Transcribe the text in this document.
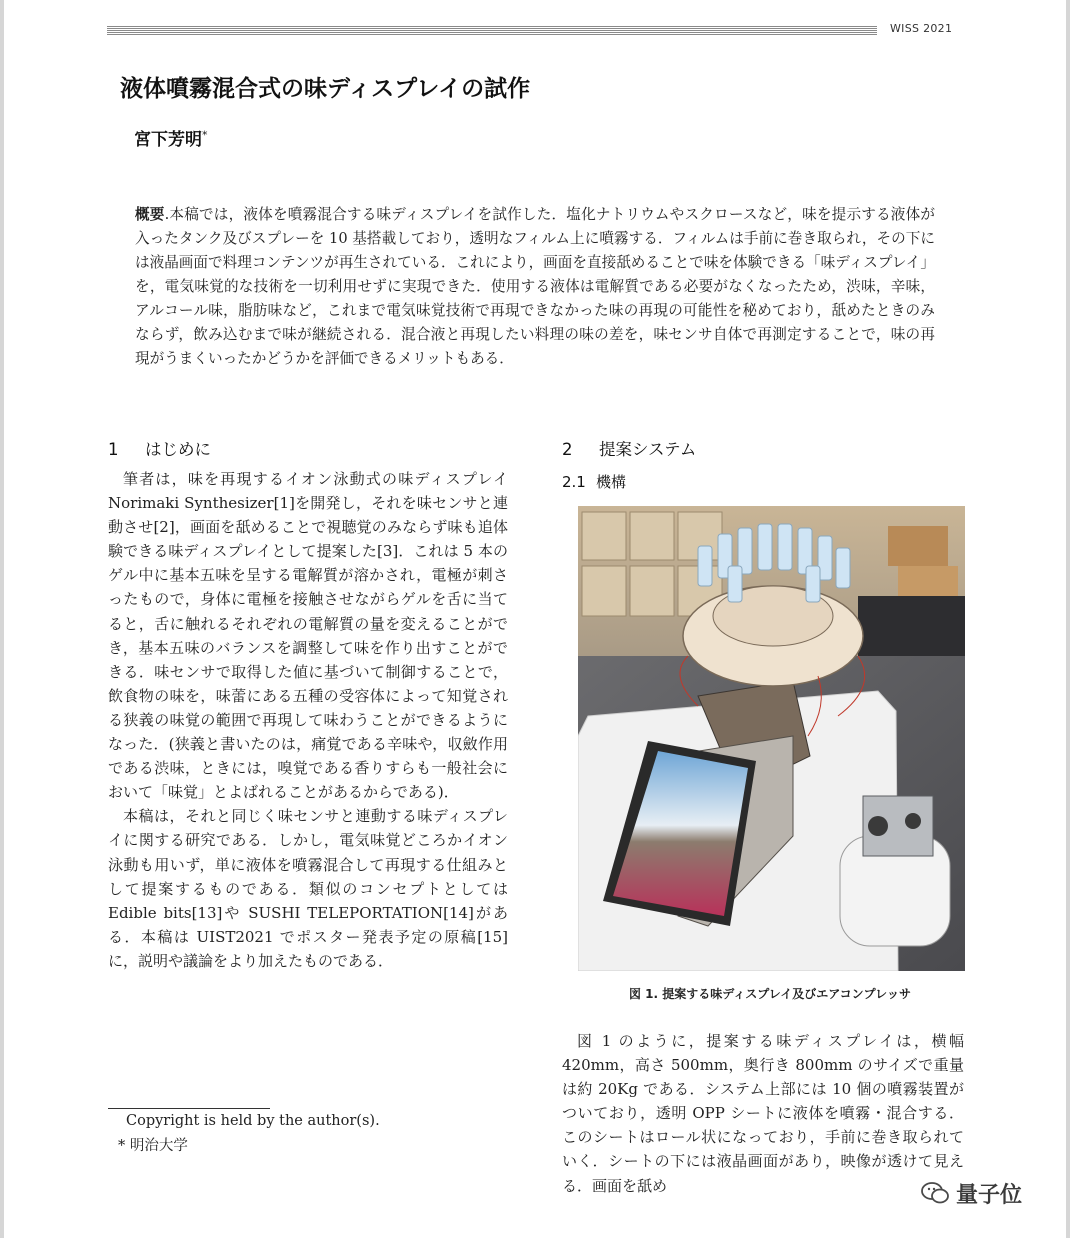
WISS 2021
液体噴霧混合式の味ディスプレイの試作
宮下芳明*
概要.本稿では，液体を噴霧混合する味ディスプレイを試作した．塩化ナトリウムやスクロースなど，味を提示する液体が入ったタンク及びスプレーを 10 基搭載しており，透明なフィルム上に噴霧する．フィルムは手前に巻き取られ，その下には液晶画面で料理コンテンツが再生されている．これにより，画面を直接舐めることで味を体験できる「味ディスプレイ」を，電気味覚的な技術を一切利用せずに実現できた．使用する液体は電解質である必要がなくなったため，渋味，辛味，アルコール味，脂肪味など，これまで電気味覚技術で再現できなかった味の再現の可能性を秘めており，舐めたときのみならず，飲み込むまで味が継続される．混合液と再現したい料理の味の差を，味センサ自体で再測定することで，味の再現がうまくいったかどうかを評価できるメリットもある．
1 はじめに

筆者は，味を再現するイオン泳動式の味ディスプレイ Norimaki Synthesizer[1]を開発し，それを味センサと連動させ[2]，画面を舐めることで視聴覚のみならず味も追体験できる味ディスプレイとして提案した[3]．これは 5 本のゲル中に基本五味を呈する電解質が溶かされ，電極が刺さったもので，身体に電極を接触させながらゲルを舌に当てると，舌に触れるそれぞれの電解質の量を変えることができ，基本五味のバランスを調整して味を作り出すことができる．味センサで取得した値に基づいて制御することで，飲食物の味を，味蕾にある五種の受容体によって知覚される狭義の味覚の範囲で再現して味わうことができるようになった．(狭義と書いたのは，痛覚である辛味や，収斂作用である渋味，ときには，嗅覚である香りすらも一般社会において「味覚」とよばれることがあるからである)．

本稿は，それと同じく味センサと連動する味ディスプレイに関する研究である．しかし，電気味覚どころかイオン泳動も用いず，単に液体を噴霧混合して再現する仕組みとして提案するものである．類似のコンセプトとしては Edible bits[13]や SUSHI TELEPORTATION[14]がある．本稿は UIST2021 でポスター発表予定の原稿[15]に，説明や議論をより加えたものである．

Copyright is held by the author(s).
* 明治大学
2 提案システム
2.1 機構
図 1. 提案する味ディスプレイ及びエアコンプレッサ

図 1 のように，提案する味ディスプレイは，横幅 420mm，高さ 500mm，奥行き 800mm のサイズで重量は約 20Kg である．システム上部には 10 個の噴霧装置がついており，透明 OPP シートに液体を噴霧・混合する．このシートはロール状になっており，手前に巻き取られていく．シートの下には液晶画面があり，映像が透けて見える．画面を舐め	量子位
